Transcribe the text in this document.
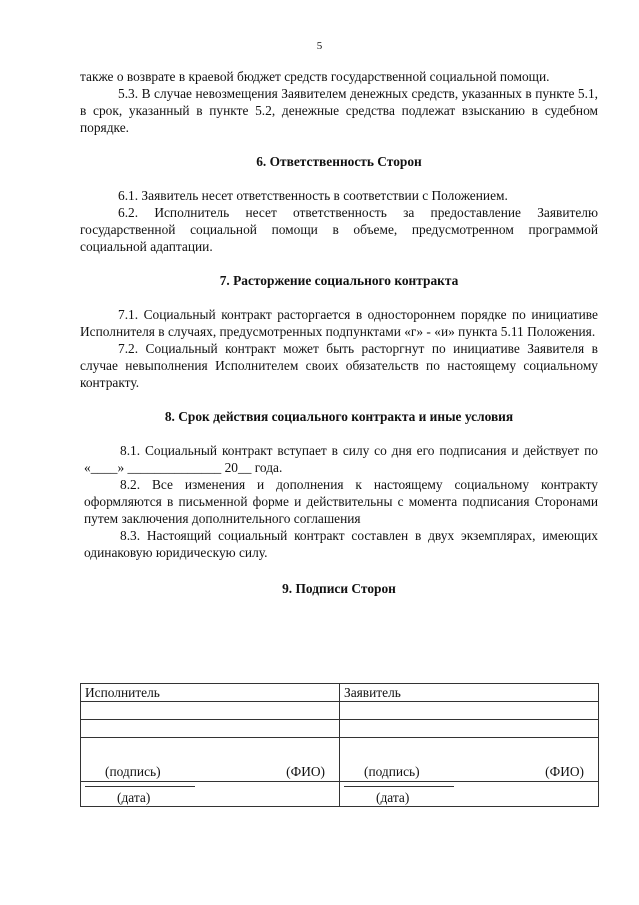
5

также о возврате в краевой бюджет средств государственной социальной помощи.

5.3. В случае невозмещения Заявителем денежных средств, указанных в пункте 5.1, в срок, указанный в пункте 5.2, денежные средства подлежат взысканию в судебном порядке.

6. Ответственность Сторон

6.1. Заявитель несет ответственность в соответствии с Положением.

6.2. Исполнитель несет ответственность за предоставление Заявителю государственной социальной помощи в объеме, предусмотренном программой социальной адаптации.

7. Расторжение социального контракта

7.1. Социальный контракт расторгается в одностороннем порядке по инициативе Исполнителя в случаях, предусмотренных подпунктами «г» - «и» пункта 5.11 Положения.

7.2. Социальный контракт может быть расторгнут по инициативе Заявителя в случае невыполнения Исполнителем своих обязательств по настоящему социальному контракту.

8. Срок действия социального контракта и иные условия

8.1. Социальный контракт вступает в силу со дня его подписания и действует по «____» ______________ 20__ года.

8.2. Все изменения и дополнения к настоящему социальному контракту оформляются в письменной форме и действительны с момента подписания Сторонами путем заключения дополнительного соглашения

8.3. Настоящий социальный контракт составлен в двух экземплярах, имеющих одинаковую юридическую силу.

9. Подписи Сторон
Исполнитель	Заявитель

(подпись) (ФИО)	(подпись) (ФИО)

(дата)	(дата)
